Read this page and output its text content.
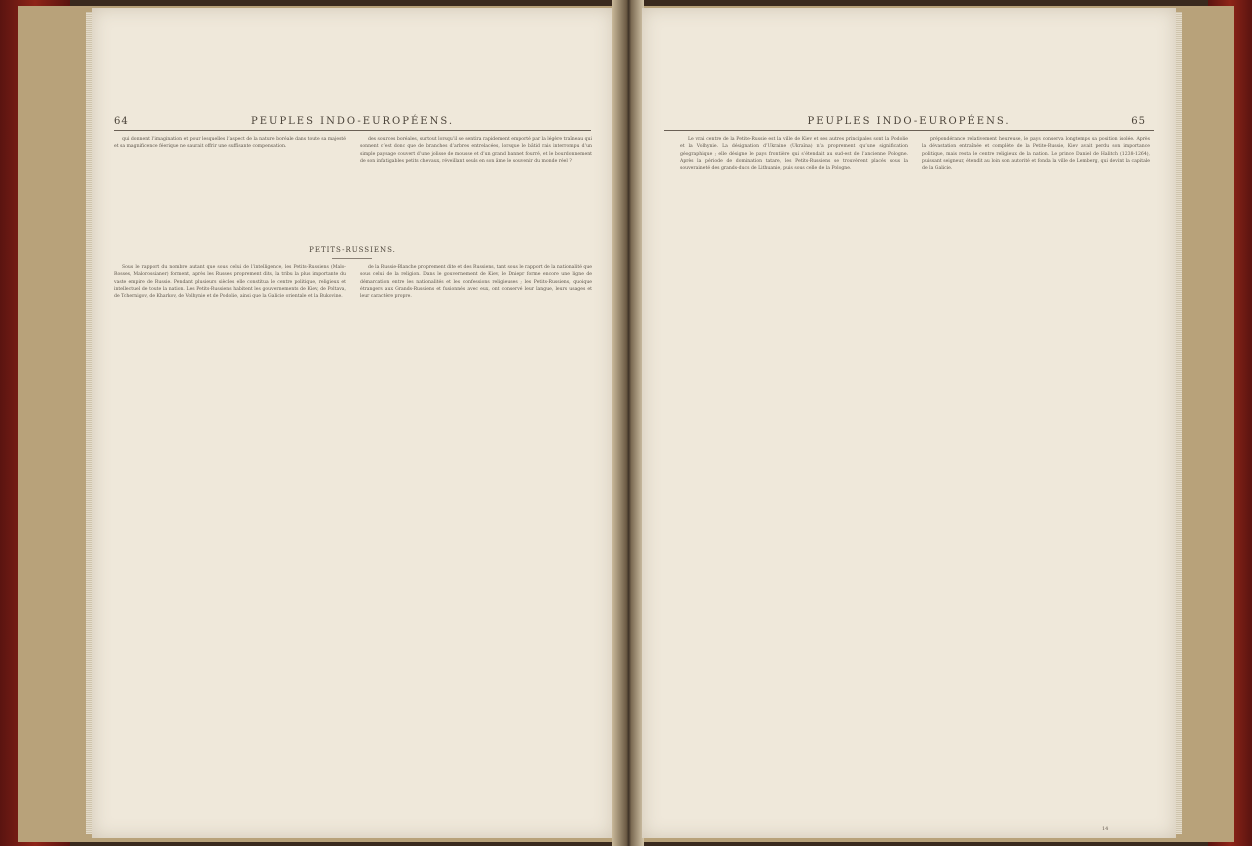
64	PEUPLES INDO-EUROPÉENS.

qui donnent l’imagination et pour lesquelles l’aspect de la nature boréale dans toute sa majesté et sa magnificence féerique ne saurait offrir une suffisante compensation.

des sources boréales, surtout lorsqu’il se sentira rapidement emporté par la légère traîneau qui sonnent c’est donc que de branches d’arbres entrelacées, lorsque le bâtid rais interrompu d’un simple paysage couvert d’une jolisse de mousse et d’un grand bannet fourré, et le bourdonnement de son infatigables petits chevaux, réveillant seuls en son âme le souvenir du monde réel ?

PETITS-RUSSIENS.

Sous le rapport du nombre autant que sous celui de l’intelligence, les Petits-Russiens (Malo-Rosses, Malorossianer) forment, après les Russes proprement dits, la tribu la plus importante du vaste empire de Russie. Pendant plusieurs siècles elle constitua le centre politique, religieux et intellectuel de toute la nation. Les Petits-Russiens habitent les gouvernements de Kiev, de Poltava, de Tchernigov, de Kharkov, de Volhynie et de Podolie, ainsi que la Galicie orientale et la Bukovine.

de la Russie-Blanche proprement dite et des Russiens, tant sous le rapport de la nationalité que sous celui de la religion. Dans le gouvernement de Kiev, le Dniepr forme encore une ligne de démarcation entre les nationalités et les confessions religieuses ; les Petits-Russiens, quoique étrangers aux Grands-Russiens et fusionnés avec eux, ont conservé leur langue, leurs usages et leur caractère propre.

PEUPLES INDO-EUROPÉENS.	65

Le vrai centre de la Petite-Russie est la ville de Kiev et ses autres principales sont la Podolie et la Volhynie. La désignation d’Ukraine (Ukraïna) n’a proprement qu’une signification géographique ; elle désigne le pays frontière qui s’étendait au sud-est de l’ancienne Pologne. Après la période de domination tatare, les Petits-Russiens se trouvèrent placés sous la souveraineté des grands-ducs de Lithuanie, puis sous celle de la Pologne.

prépondérance relativement heureuse, le pays conserva longtemps sa position isolée. Après la dévastation entraînée et complète de la Petite-Russie, Kiev avait perdu son importance politique, mais resta le centre religieux de la nation. Le prince Daniel de Halitch (1238-1264), puissant seigneur, étendit au loin son autorité et fonda la ville de Lemberg, qui devint la capitale de la Galicie.

14
